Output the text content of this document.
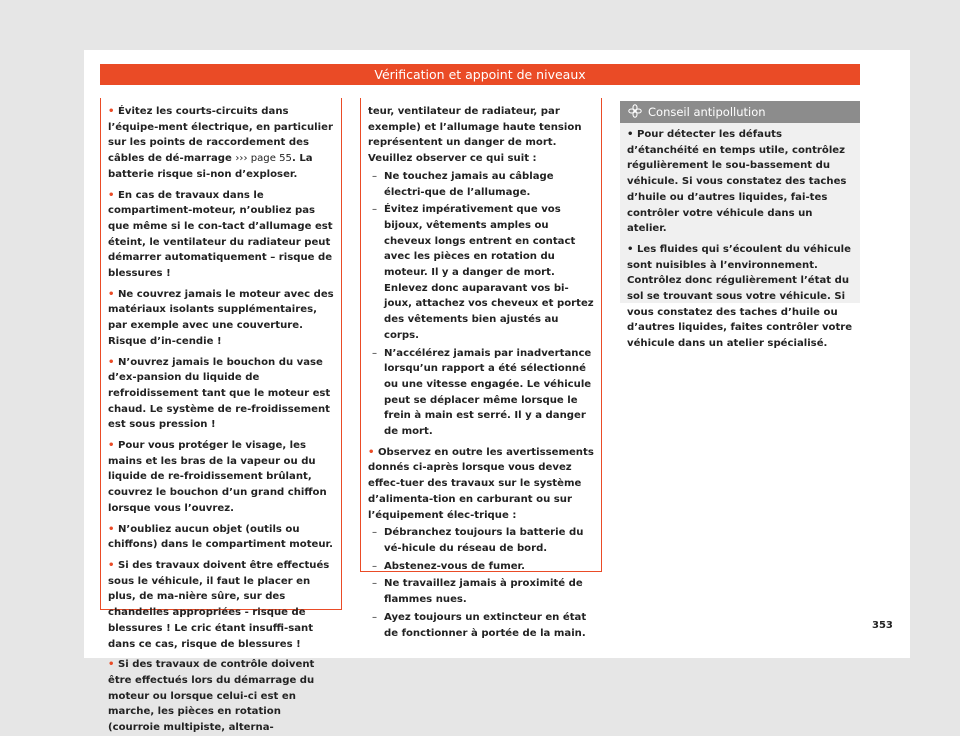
Vérification et appoint de niveaux

• Évitez les courts-circuits dans l’équipe-ment électrique, en particulier sur les points de raccordement des câbles de dé-marrage ››› page 55. La batterie risque si-non d’exploser.

• En cas de travaux dans le compartiment-moteur, n’oubliez pas que même si le con-tact d’allumage est éteint, le ventilateur du radiateur peut démarrer automatiquement – risque de blessures !

• Ne couvrez jamais le moteur avec des matériaux isolants supplémentaires, par exemple avec une couverture. Risque d’in-cendie !

• N’ouvrez jamais le bouchon du vase d’ex-pansion du liquide de refroidissement tant que le moteur est chaud. Le système de re-froidissement est sous pression !

• Pour vous protéger le visage, les mains et les bras de la vapeur ou du liquide de re-froidissement brûlant, couvrez le bouchon d’un grand chiffon lorsque vous l’ouvrez.

• N’oubliez aucun objet (outils ou chiffons) dans le compartiment moteur.

• Si des travaux doivent être effectués sous le véhicule, il faut le placer en plus, de ma-nière sûre, sur des chandelles appropriées - risque de blessures ! Le cric étant insuffi-sant dans ce cas, risque de blessures !

• Si des travaux de contrôle doivent être effectués lors du démarrage du moteur ou lorsque celui-ci est en marche, les pièces en rotation (courroie multipiste, alterna-

teur, ventilateur de radiateur, par exemple) et l’allumage haute tension représentent un danger de mort. Veuillez observer ce qui suit :

– Ne touchez jamais au câblage électri-que de l’allumage.
– Évitez impérativement que vos bijoux, vêtements amples ou cheveux longs entrent en contact avec les pièces en rotation du moteur. Il y a danger de mort. Enlevez donc auparavant vos bi-joux, attachez vos cheveux et portez des vêtements bien ajustés au corps.
– N’accélérez jamais par inadvertance lorsqu’un rapport a été sélectionné ou une vitesse engagée. Le véhicule peut se déplacer même lorsque le frein à main est serré. Il y a danger de mort.

• Observez en outre les avertissements donnés ci-après lorsque vous devez effec-tuer des travaux sur le système d’alimenta-tion en carburant ou sur l’équipement élec-trique :

– Débranchez toujours la batterie du vé-hicule du réseau de bord.
– Abstenez-vous de fumer.
– Ne travaillez jamais à proximité de flammes nues.
– Ayez toujours un extincteur en état de fonctionner à portée de la main.
Conseil antipollution

• Pour détecter les défauts d’étanchéité en temps utile, contrôlez régulièrement le sou-bassement du véhicule. Si vous constatez des taches d’huile ou d’autres liquides, fai-tes contrôler votre véhicule dans un atelier.

• Les fluides qui s’écoulent du véhicule sont nuisibles à l’environnement. Contrôlez donc régulièrement l’état du sol se trouvant sous votre véhicule. Si vous constatez des taches d’huile ou d’autres liquides, faites contrôler votre véhicule dans un atelier spécialisé.

353
